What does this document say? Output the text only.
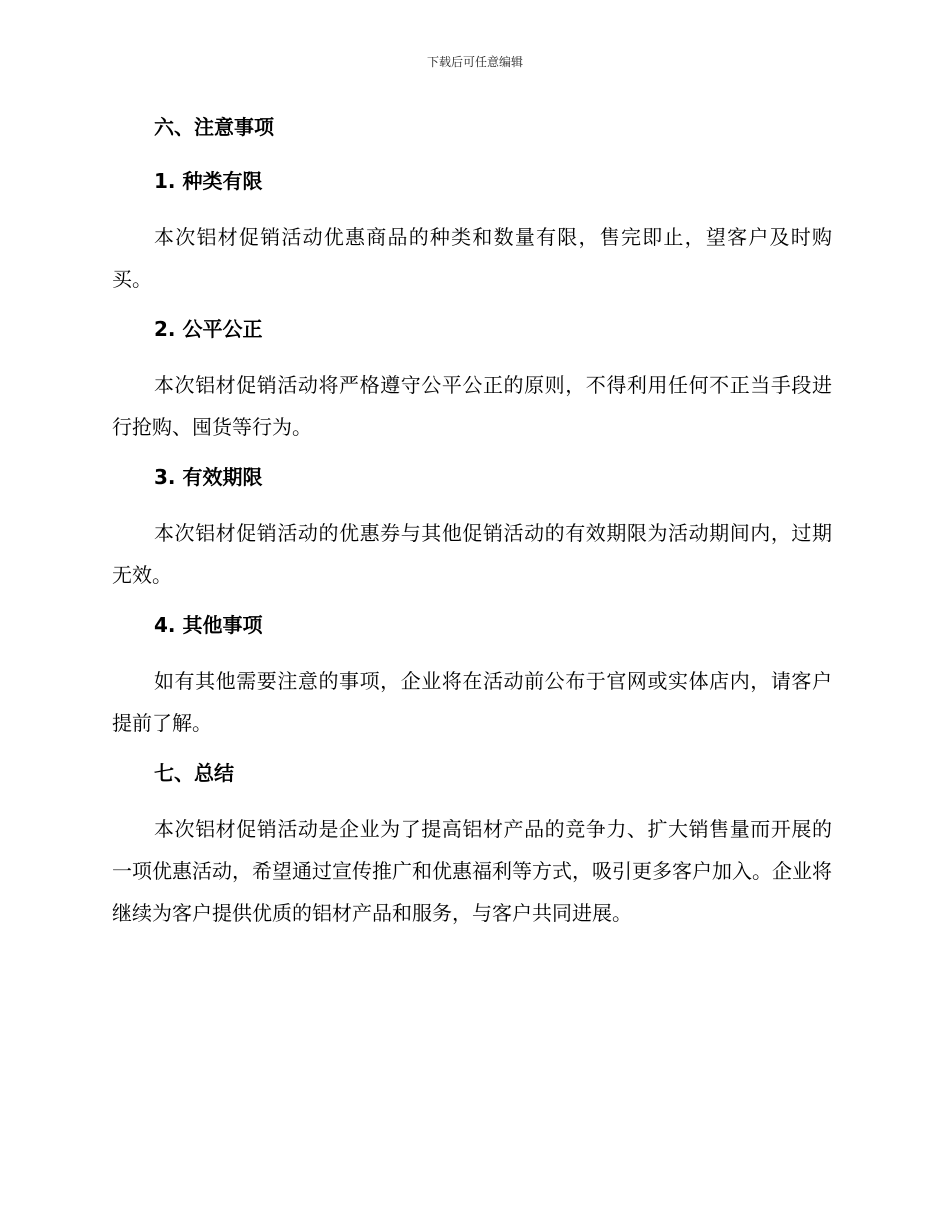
下载后可任意编辑
六、注意事项
1. 种类有限

本次铝材促销活动优惠商品的种类和数量有限，售完即止，望客户及时购买。

2. 公平公正

本次铝材促销活动将严格遵守公平公正的原则，不得利用任何不正当手段进行抢购、囤货等行为。

3. 有效期限

本次铝材促销活动的优惠券与其他促销活动的有效期限为活动期间内，过期无效。

4. 其他事项

如有其他需要注意的事项，企业将在活动前公布于官网或实体店内，请客户提前了解。

七、总结

本次铝材促销活动是企业为了提高铝材产品的竞争力、扩大销售量而开展的一项优惠活动，希望通过宣传推广和优惠福利等方式，吸引更多客户加入。企业将继续为客户提供优质的铝材产品和服务，与客户共同进展。
